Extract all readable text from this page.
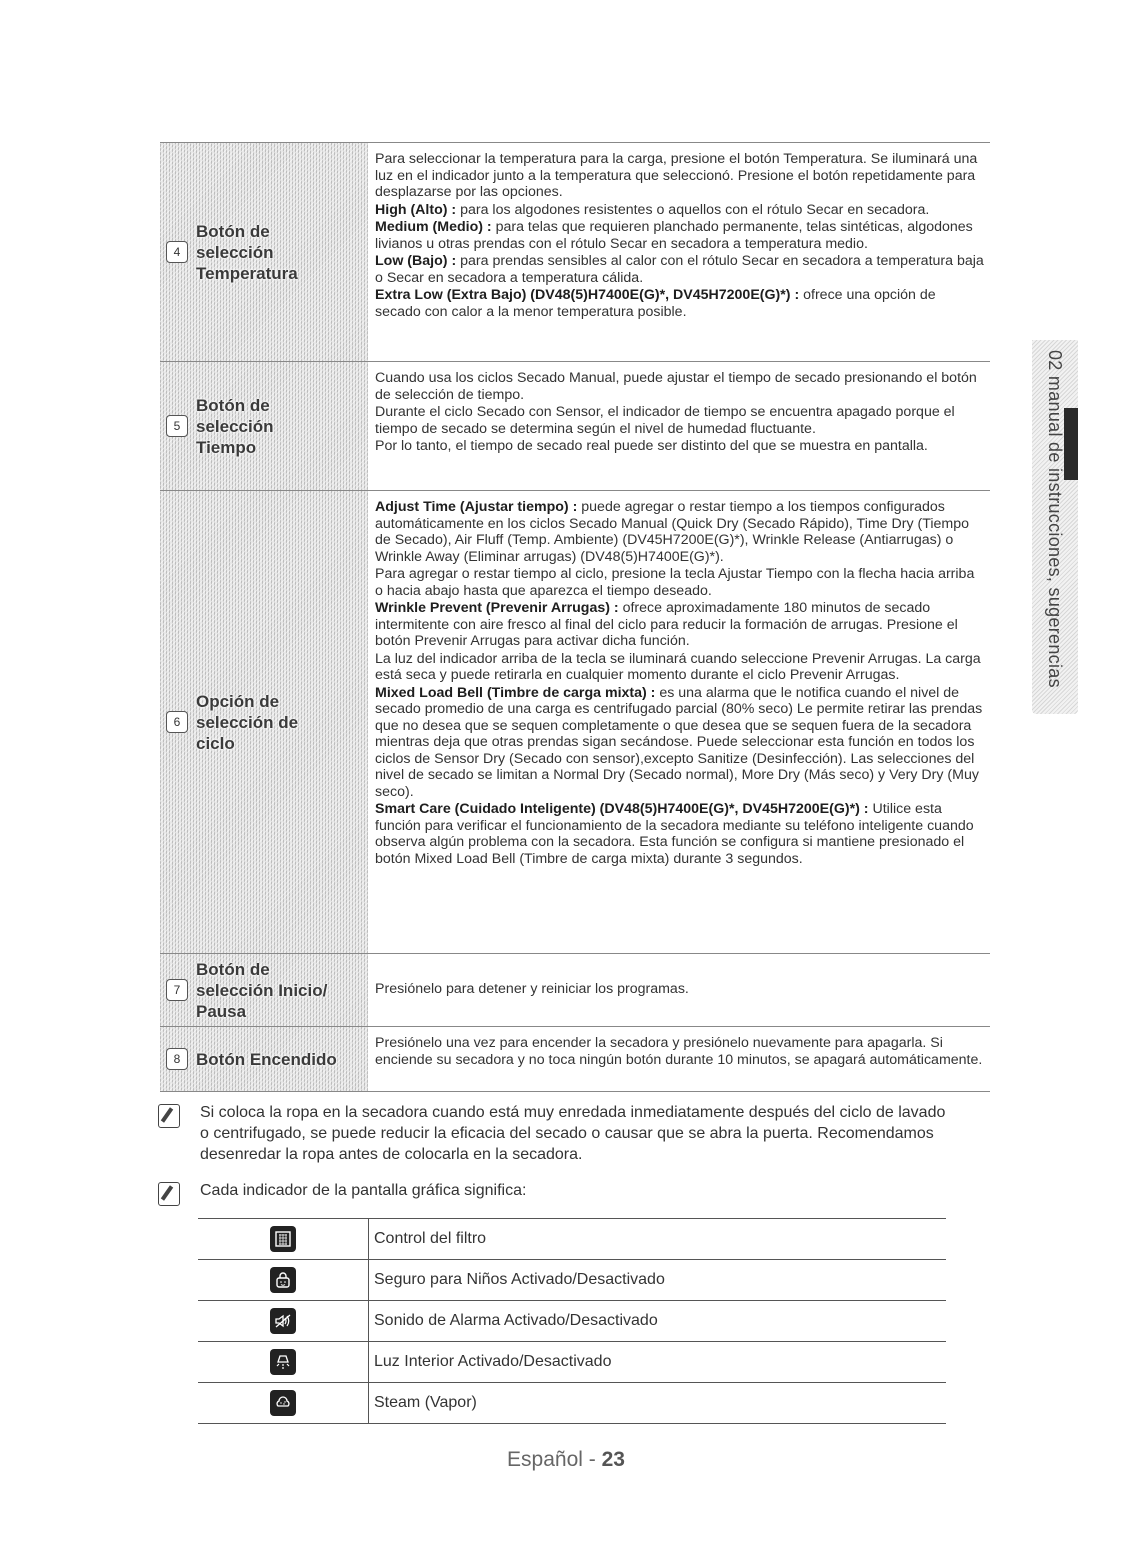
4
Botón de
selección
Temperatura

Para seleccionar la temperatura para la carga, presione el botón Temperatura. Se iluminará una luz en el indicador junto a la temperatura que seleccionó. Presione el botón repetidamente para desplazarse por las opciones.

High (Alto) : para los algodones resistentes o aquellos con el rótulo Secar en secadora.

Medium (Medio) : para telas que requieren planchado permanente, telas sintéticas, algodones livianos u otras prendas con el rótulo Secar en secadora a temperatura medio.

Low (Bajo) : para prendas sensibles al calor con el rótulo Secar en secadora a temperatura baja o Secar en secadora a temperatura cálida.

Extra Low (Extra Bajo) (DV48(5)H7400E(G)*, DV45H7200E(G)*) : ofrece una opción de secado con calor a la menor temperatura posible.

5
Botón de
selección
Tiempo

Cuando usa los ciclos Secado Manual, puede ajustar el tiempo de secado presionando el botón de selección de tiempo.

Durante el ciclo Secado con Sensor, el indicador de tiempo se encuentra apagado porque el tiempo de secado se determina según el nivel de humedad fluctuante.

Por lo tanto, el tiempo de secado real puede ser distinto del que se muestra en pantalla.

6
Opción de
selección de
ciclo

Adjust Time (Ajustar tiempo) : puede agregar o restar tiempo a los tiempos configurados automáticamente en los ciclos Secado Manual (Quick Dry (Secado Rápido), Time Dry (Tiempo de Secado), Air Fluff (Temp. Ambiente) (DV45H7200E(G)*), Wrinkle Release (Antiarrugas) o Wrinkle Away (Eliminar arrugas) (DV48(5)H7400E(G)*).

Para agregar o restar tiempo al ciclo, presione la tecla Ajustar Tiempo con la flecha hacia arriba o hacia abajo hasta que aparezca el tiempo deseado.

Wrinkle Prevent (Prevenir Arrugas) : ofrece aproximadamente 180 minutos de secado intermitente con aire fresco al final del ciclo para reducir la formación de arrugas. Presione el botón Prevenir Arrugas para activar dicha función.

La luz del indicador arriba de la tecla se iluminará cuando seleccione Prevenir Arrugas. La carga está seca y puede retirarla en cualquier momento durante el ciclo Prevenir Arrugas.

Mixed Load Bell (Timbre de carga mixta) : es una alarma que le notifica cuando el nivel de secado promedio de una carga es centrifugado parcial (80% seco) Le permite retirar las prendas que no desea que se sequen completamente o que desea que se sequen fuera de la secadora mientras deja que otras prendas sigan secándose. Puede seleccionar esta función en todos los ciclos de Sensor Dry (Secado con sensor),excepto Sanitize (Desinfección). Las selecciones del nivel de secado se limitan a Normal Dry (Secado normal), More Dry (Más seco) y Very Dry (Muy seco).

Smart Care (Cuidado Inteligente) (DV48(5)H7400E(G)*, DV45H7200E(G)*) : Utilice esta función para verificar el funcionamiento de la secadora mediante su teléfono inteligente cuando observa algún problema con la secadora. Esta función se configura si mantiene presionado el botón Mixed Load Bell (Timbre de carga mixta) durante 3 segundos.

7
Botón de
selección Inicio/
Pausa

Presiónelo para detener y reiniciar los programas.

8 Botón Encendido

Presiónelo una vez para encender la secadora y presiónelo nuevamente para apagarla. Si enciende su secadora y no toca ningún botón durante 10 minutos, se apagará automáticamente.

Si coloca la ropa en la secadora cuando está muy enredada inmediatamente después del ciclo de lavado o centrifugado, se puede reducir la eficacia del secado o causar que se abra la puerta. Recomendamos desenredar la ropa antes de colocarla en la secadora.
Cada indicador de la pantalla gráfica significa:
Control del filtro
Seguro para Niños Activado/Desactivado
Sonido de Alarma Activado/Desactivado
Luz Interior Activado/Desactivado
Steam (Vapor)
02 manual de instrucciones, sugerencias
Español - 23
